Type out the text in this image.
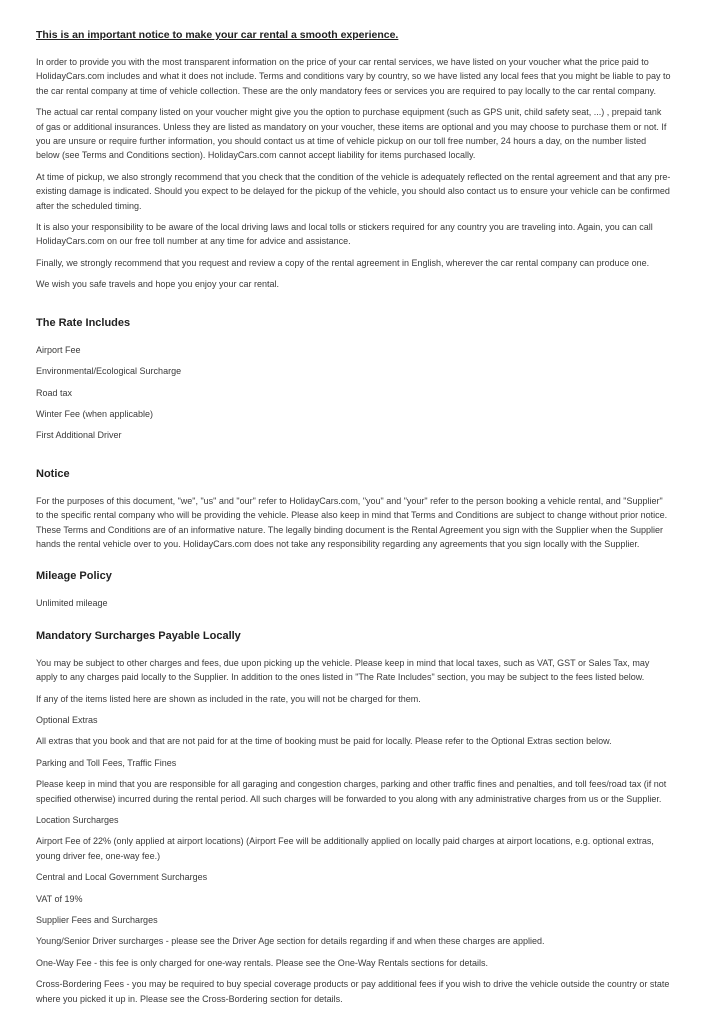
This is an important notice to make your car rental a smooth experience.

In order to provide you with the most transparent information on the price of your car rental services, we have listed on your voucher what the price paid to HolidayCars.com includes and what it does not include. Terms and conditions vary by country, so we have listed any local fees that you might be liable to pay to the car rental company at time of vehicle collection. These are the only mandatory fees or services you are required to pay locally to the car rental company.

The actual car rental company listed on your voucher might give you the option to purchase equipment (such as GPS unit, child safety seat, ...) , prepaid tank of gas or additional insurances. Unless they are listed as mandatory on your voucher, these items are optional and you may choose to purchase them or not. If you are unsure or require further information, you should contact us at time of vehicle pickup on our toll free number, 24 hours a day, on the number listed below (see Terms and Conditions section). HolidayCars.com cannot accept liability for items purchased locally.

At time of pickup, we also strongly recommend that you check that the condition of the vehicle is adequately reflected on the rental agreement and that any pre-existing damage is indicated. Should you expect to be delayed for the pickup of the vehicle, you should also contact us to ensure your vehicle can be confirmed after the scheduled timing.

It is also your responsibility to be aware of the local driving laws and local tolls or stickers required for any country you are traveling into. Again, you can call HolidayCars.com on our free toll number at any time for advice and assistance.

Finally, we strongly recommend that you request and review a copy of the rental agreement in English, wherever the car rental company can produce one.

We wish you safe travels and hope you enjoy your car rental.

The Rate Includes

Airport Fee

Environmental/Ecological Surcharge

Road tax

Winter Fee (when applicable)

First Additional Driver

Notice

For the purposes of this document, "we", "us" and "our" refer to HolidayCars.com, "you" and "your" refer to the person booking a vehicle rental, and "Supplier" to the specific rental company who will be providing the vehicle. Please also keep in mind that Terms and Conditions are subject to change without prior notice. These Terms and Conditions are of an informative nature. The legally binding document is the Rental Agreement you sign with the Supplier when the Supplier hands the rental vehicle over to you. HolidayCars.com does not take any responsibility regarding any agreements that you sign locally with the Supplier.

Mileage Policy

Unlimited mileage

Mandatory Surcharges Payable Locally

You may be subject to other charges and fees, due upon picking up the vehicle. Please keep in mind that local taxes, such as VAT, GST or Sales Tax, may apply to any charges paid locally to the Supplier. In addition to the ones listed in "The Rate Includes" section, you may be subject to the fees listed below.

If any of the items listed here are shown as included in the rate, you will not be charged for them.

Optional Extras

All extras that you book and that are not paid for at the time of booking must be paid for locally. Please refer to the Optional Extras section below.

Parking and Toll Fees, Traffic Fines

Please keep in mind that you are responsible for all garaging and congestion charges, parking and other traffic fines and penalties, and toll fees/road tax (if not specified otherwise) incurred during the rental period. All such charges will be forwarded to you along with any administrative charges from us or the Supplier.

Location Surcharges

Airport Fee of 22% (only applied at airport locations) (Airport Fee will be additionally applied on locally paid charges at airport locations, e.g. optional extras, young driver fee, one-way fee.)

Central and Local Government Surcharges

VAT of 19%

Supplier Fees and Surcharges

Young/Senior Driver surcharges - please see the Driver Age section for details regarding if and when these charges are applied.

One-Way Fee - this fee is only charged for one-way rentals. Please see the One-Way Rentals sections for details.

Cross-Bordering Fees - you may be required to buy special coverage products or pay additional fees if you wish to drive the vehicle outside the country or state where you picked it up in. Please see the Cross-Bordering section for details.
